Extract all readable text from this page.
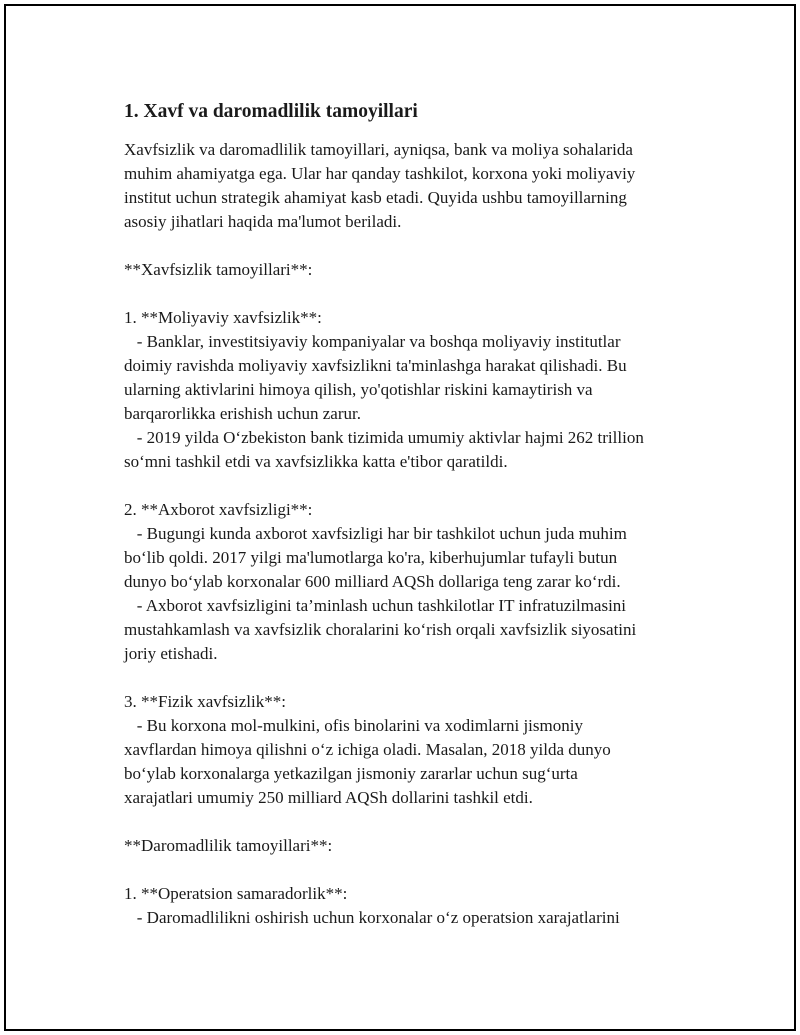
1. Xavf va daromadlilik tamoyillari
Xavfsizlik va daromadlilik tamoyillari, ayniqsa, bank va moliya sohalarida
muhim ahamiyatga ega. Ular har qanday tashkilot, korxona yoki moliyaviy
institut uchun strategik ahamiyat kasb etadi. Quyida ushbu tamoyillarning
asosiy jihatlari haqida ma'lumot beriladi.
**Xavfsizlik tamoyillari**:
1. **Moliyaviy xavfsizlik**:
- Banklar, investitsiyaviy kompaniyalar va boshqa moliyaviy institutlar
doimiy ravishda moliyaviy xavfsizlikni ta'minlashga harakat qilishadi. Bu
ularning aktivlarini himoya qilish, yo'qotishlar riskini kamaytirish va
barqarorlikka erishish uchun zarur.
- 2019 yilda O‘zbekiston bank tizimida umumiy aktivlar hajmi 262 trillion
so‘mni tashkil etdi va xavfsizlikka katta e'tibor qaratildi.
2. **Axborot xavfsizligi**:
- Bugungi kunda axborot xavfsizligi har bir tashkilot uchun juda muhim
bo‘lib qoldi. 2017 yilgi ma'lumotlarga ko'ra, kiberhujumlar tufayli butun
dunyo bo‘ylab korxonalar 600 milliard AQSh dollariga teng zarar ko‘rdi.
- Axborot xavfsizligini ta’minlash uchun tashkilotlar IT infratuzilmasini
mustahkamlash va xavfsizlik choralarini ko‘rish orqali xavfsizlik siyosatini
joriy etishadi.
3. **Fizik xavfsizlik**:
- Bu korxona mol-mulkini, ofis binolarini va xodimlarni jismoniy
xavflardan himoya qilishni o‘z ichiga oladi. Masalan, 2018 yilda dunyo
bo‘ylab korxonalarga yetkazilgan jismoniy zararlar uchun sug‘urta
xarajatlari umumiy 250 milliard AQSh dollarini tashkil etdi.
**Daromadlilik tamoyillari**:
1. **Operatsion samaradorlik**:
- Daromadlilikni oshirish uchun korxonalar o‘z operatsion xarajatlarini
